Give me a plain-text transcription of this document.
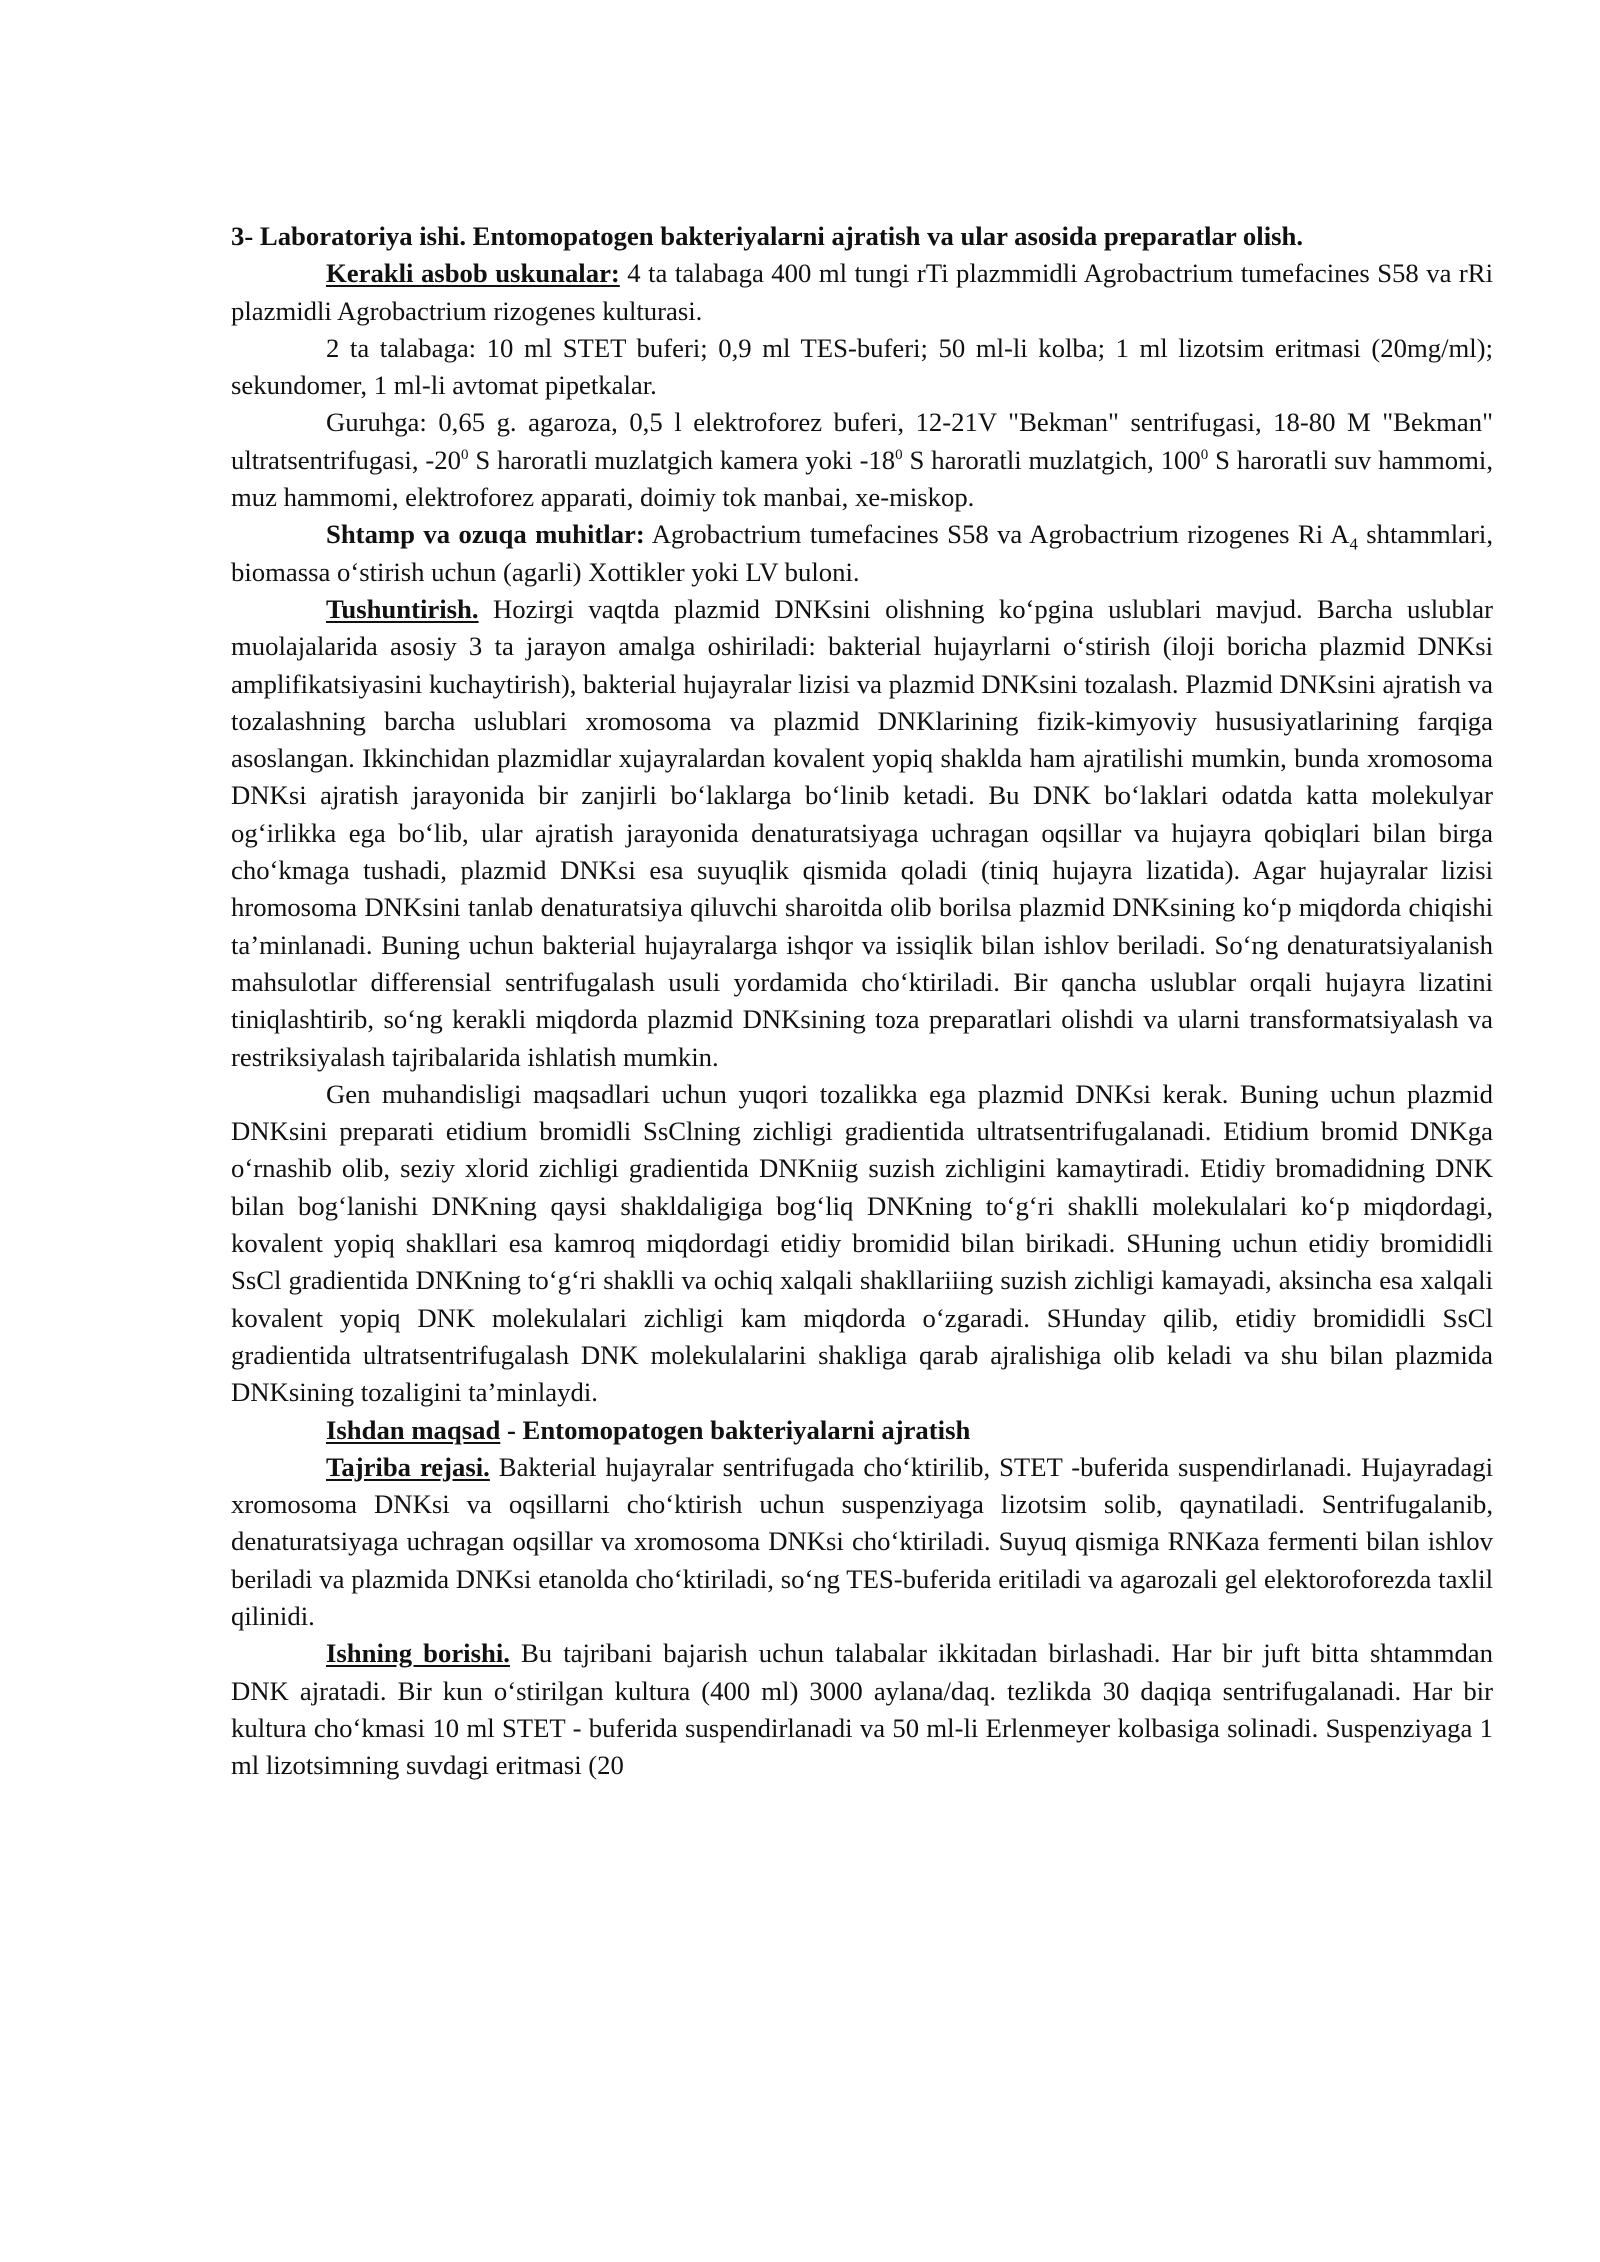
3- Laboratoriya ishi. Entomopatogen bakteriyalarni ajratish va ular asosida preparatlar olish.

Kerakli asbob uskunalar: 4 ta talabaga 400 ml tungi rTi plazmmidli Agrobactrium tumefacines S58 va rRi plazmidli Agrobactrium rizogenes kulturasi.

2 ta talabaga: 10 ml STET buferi; 0,9 ml TES-buferi; 50 ml-li kolba; 1 ml lizotsim eritmasi (20mg/ml); sekundomer, 1 ml-li avtomat pipetkalar.

Guruhga: 0,65 g. agaroza, 0,5 l elektroforez buferi, 12-21V "Bekman" sentrifugasi, 18-80 M "Bekman" ultratsentrifugasi, $-20^0$ S haroratli muzlatgich kamera yoki $-18^0$ S haroratli muzlatgich, $100^0$ S haroratli suv hammomi, muz hammomi, elektroforez apparati, doimiy tok manbai, xe-miskop.

Shtamp va ozuqa muhitlar: Agrobactrium tumefacines S58 va Agrobactrium rizogenes Ri $A_4$ shtammlari, biomassa o‘stirish uchun (agarli) Xottikler yoki LV buloni.

Tushuntirish. Hozirgi vaqtda plazmid DNKsini olishning ko‘pgina uslublari mavjud. Barcha uslublar muolajalarida asosiy 3 ta jarayon amalga oshiriladi: bakterial hujayrlarni o‘stirish (iloji boricha plazmid DNKsi amplifikatsiyasini kuchaytirish), bakterial hujayralar lizisi va plazmid DNKsini tozalash. Plazmid DNKsini ajratish va tozalashning barcha uslublari xromosoma va plazmid DNKlarining fizik-kimyoviy hususiyatlarining farqiga asoslangan. Ikkinchidan plazmidlar xujayralardan kovalent yopiq shaklda ham ajratilishi mumkin, bunda xromosoma DNKsi ajratish jarayonida bir zanjirli bo‘laklarga bo‘linib ketadi. Bu DNK bo‘laklari odatda katta molekulyar og‘irlikka ega bo‘lib, ular ajratish jarayonida denaturatsiyaga uchragan oqsillar va hujayra qobiqlari bilan birga cho‘kmaga tushadi, plazmid DNKsi esa suyuqlik qismida qoladi (tiniq hujayra lizatida). Agar hujayralar lizisi hromosoma DNKsini tanlab denaturatsiya qiluvchi sharoitda olib borilsa plazmid DNKsining ko‘p miqdorda chiqishi ta’minlanadi. Buning uchun bakterial hujayralarga ishqor va issiqlik bilan ishlov beriladi. So‘ng denaturatsiyalanish mahsulotlar differensial sentrifugalash usuli yordamida cho‘ktiriladi. Bir qancha uslublar orqali hujayra lizatini tiniqlashtirib, so‘ng kerakli miqdorda plazmid DNKsining toza preparatlari olishdi va ularni transformatsiyalash va restriksiyalash tajribalarida ishlatish mumkin.

Gen muhandisligi maqsadlari uchun yuqori tozalikka ega plazmid DNKsi kerak. Buning uchun plazmid DNKsini preparati etidium bromidli SsClning zichligi gradientida ultratsentrifugalanadi. Etidium bromid DNKga o‘rnashib olib, seziy xlorid zichligi gradientida DNKniig suzish zichligini kamaytiradi. Etidiy bromadidning DNK bilan bog‘lanishi DNKning qaysi shakldaligiga bog‘liq DNKning to‘g‘ri shaklli molekulalari ko‘p miqdordagi, kovalent yopiq shakllari esa kamroq miqdordagi etidiy bromidid bilan birikadi. SHuning uchun etidiy bromididli SsCl gradientida DNKning to‘g‘ri shaklli va ochiq xalqali shakllariiing suzish zichligi kamayadi, aksincha esa xalqali kovalent yopiq DNK molekulalari zichligi kam miqdorda o‘zgaradi. SHunday qilib, etidiy bromididli SsCl gradientida ultratsentrifugalash DNK molekulalarini shakliga qarab ajralishiga olib keladi va shu bilan plazmida DNKsining tozaligini ta’minlaydi.

Ishdan maqsad - Entomopatogen bakteriyalarni ajratish

Tajriba rejasi. Bakterial hujayralar sentrifugada cho‘ktirilib, STET -buferida suspendirlanadi. Hujayradagi xromosoma DNKsi va oqsillarni cho‘ktirish uchun suspenziyaga lizotsim solib, qaynatiladi. Sentrifugalanib, denaturatsiyaga uchragan oqsillar va xromosoma DNKsi cho‘ktiriladi. Suyuq qismiga RNKaza fermenti bilan ishlov beriladi va plazmida DNKsi etanolda cho‘ktiriladi, so‘ng TES-buferida eritiladi va agarozali gel elektoroforezda taxlil qilinidi.

Ishning borishi. Bu tajribani bajarish uchun talabalar ikkitadan birlashadi. Har bir juft bitta shtammdan DNK ajratadi. Bir kun o‘stirilgan kultura (400 ml) 3000 aylana/daq. tezlikda 30 daqiqa sentrifugalanadi. Har bir kultura cho‘kmasi 10 ml STET - buferida suspendirlanadi va 50 ml-li Erlenmeyer kolbasiga solinadi. Suspenziyaga 1 ml lizotsimning suvdagi eritmasi (20
